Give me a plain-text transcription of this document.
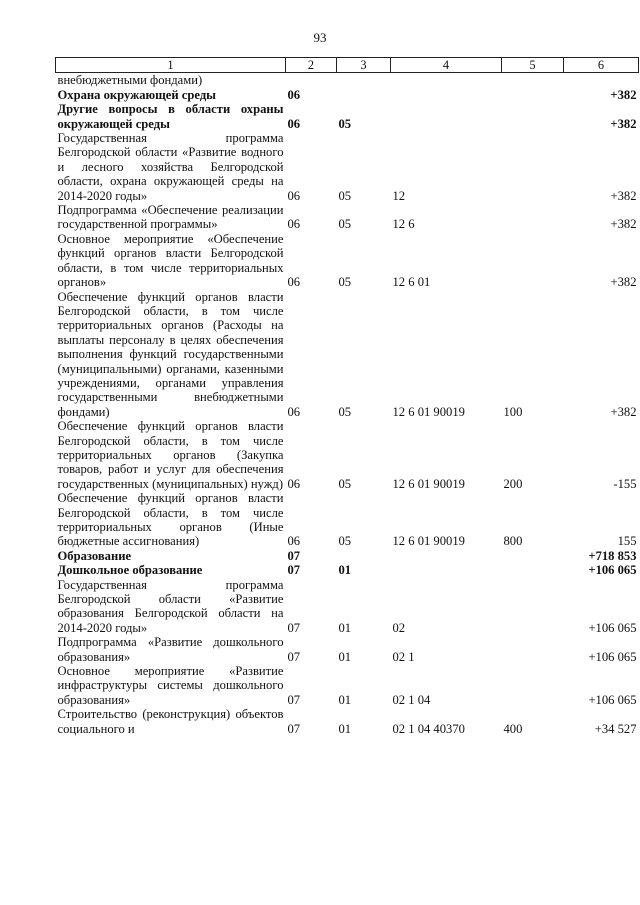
93
1	2	3	4	5	6
внебюджетными фондами)					
Охрана окружающей среды	06				+382
Другие вопросы в области охраны окружающей среды	06	05			+382
Государственная программа Белгородской области «Развитие водного и лесного хозяйства Белгородской области, охрана окружающей среды на 2014-2020 годы»	06	05	12		+382
Подпрограмма «Обеспечение реализации государственной программы»	06	05	12 6		+382
Основное мероприятие «Обеспечение функций органов власти Белгородской области, в том числе территориальных органов»	06	05	12 6 01		+382
Обеспечение функций органов власти Белгородской области, в том числе территориальных органов (Расходы на выплаты персоналу в целях обеспечения выполнения функций государственными (муниципальными) органами, казенными учреждениями, органами управления государственными внебюджетными фондами)	06	05	12 6 01 90019	100	+382
Обеспечение функций органов власти Белгородской области, в том числе территориальных органов (Закупка товаров, работ и услуг для обеспечения государственных (муниципальных) нужд)	06	05	12 6 01 90019	200	-155
Обеспечение функций органов власти Белгородской области, в том числе территориальных органов (Иные бюджетные ассигнования)	06	05	12 6 01 90019	800	155
Образование	07				+718 853
Дошкольное образование	07	01			+106 065
Государственная программа Белгородской области «Развитие образования Белгородской области на 2014-2020 годы»	07	01	02		+106 065
Подпрограмма «Развитие дошкольного образования»	07	01	02 1		+106 065
Основное мероприятие «Развитие инфраструктуры системы дошкольного образования»	07	01	02 1 04		+106 065
Строительство (реконструкция) объектов социального и	07	01	02 1 04 40370	400	+34 527
